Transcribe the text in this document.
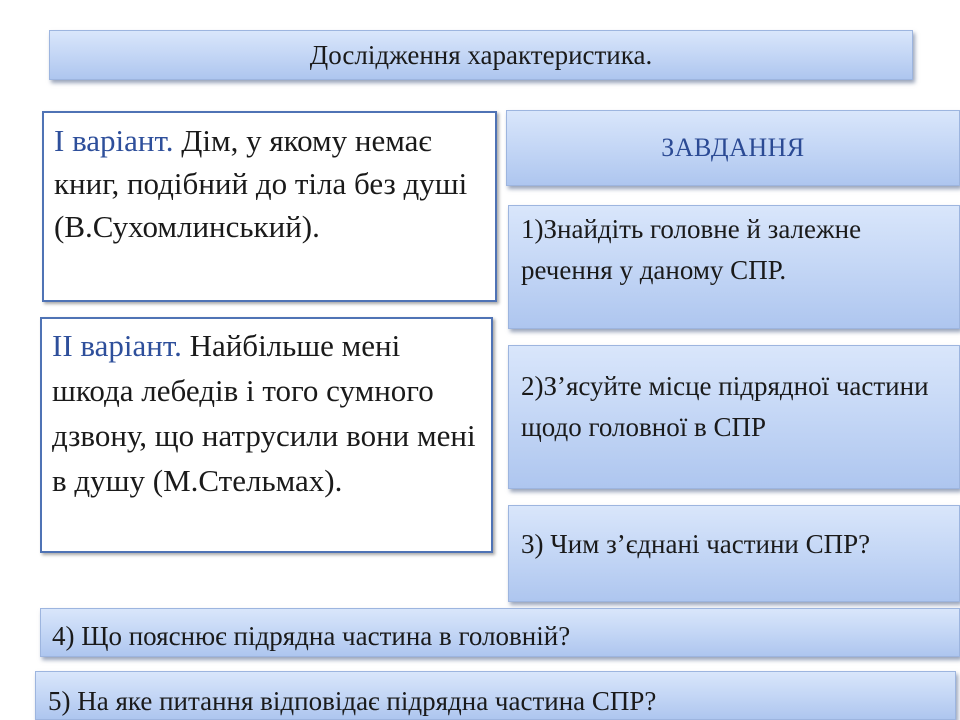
Дослідження характеристика.
І варіант. Дім, у якому немає книг, подібний до тіла без душі (В.Сухомлинський).
ІІ варіант. Найбільше мені шкода лебедів і того сумного дзвону, що натрусили вони мені в душу (М.Стельмах).
ЗАВДАННЯ
1)Знайдіть головне й залежне речення у даному СПР.
2)З’ясуйте місце підрядної частини щодо головної в СПР
3) Чим з’єднані частини СПР?
4) Що пояснює підрядна частина в головній?
5) На яке питання відповідає підрядна частина СПР?
